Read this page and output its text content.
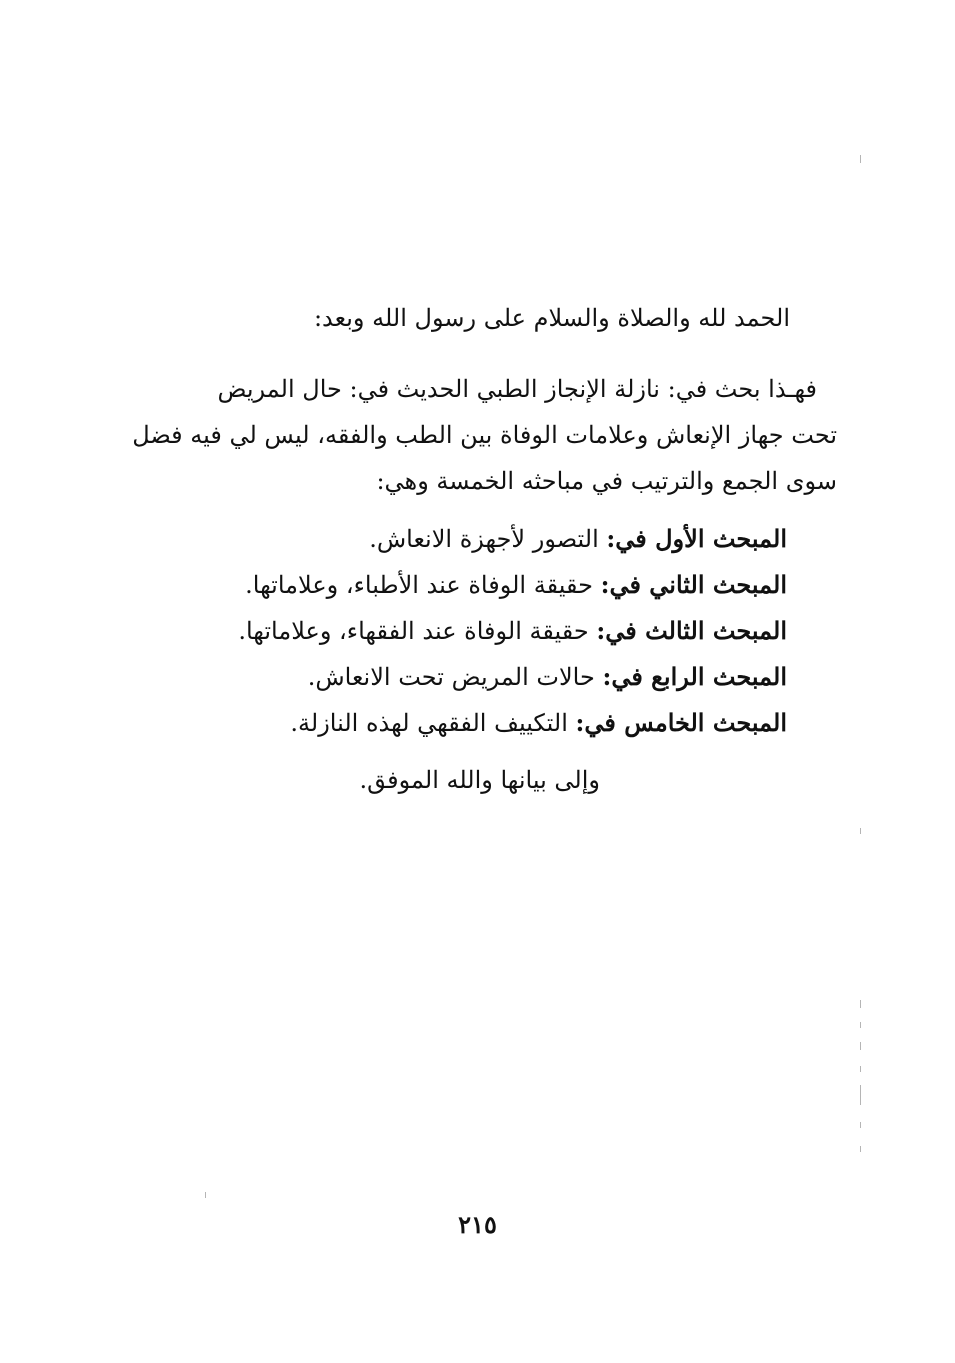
الحمد لله والصلاة والسلام على رسول الله وبعد:
فهـذا بحث في: نازلة الإنجاز الطبي الحديث في: حال المريض
تحت جهاز الإنعاش وعلامات الوفاة بين الطب والفقه، ليس لي فيه فضل
سوى الجمع والترتيب في مباحثه الخمسة وهي:
المبحث الأول في: التصور لأجهزة الانعاش.
المبحث الثاني في: حقيقة الوفاة عند الأطباء، وعلاماتها.
المبحث الثالث في: حقيقة الوفاة عند الفقهاء، وعلاماتها.
المبحث الرابع في: حالات المريض تحت الانعاش.
المبحث الخامس في: التكييف الفقهي لهذه النازلة.
وإلى بيانها والله الموفق.
٢١٥
